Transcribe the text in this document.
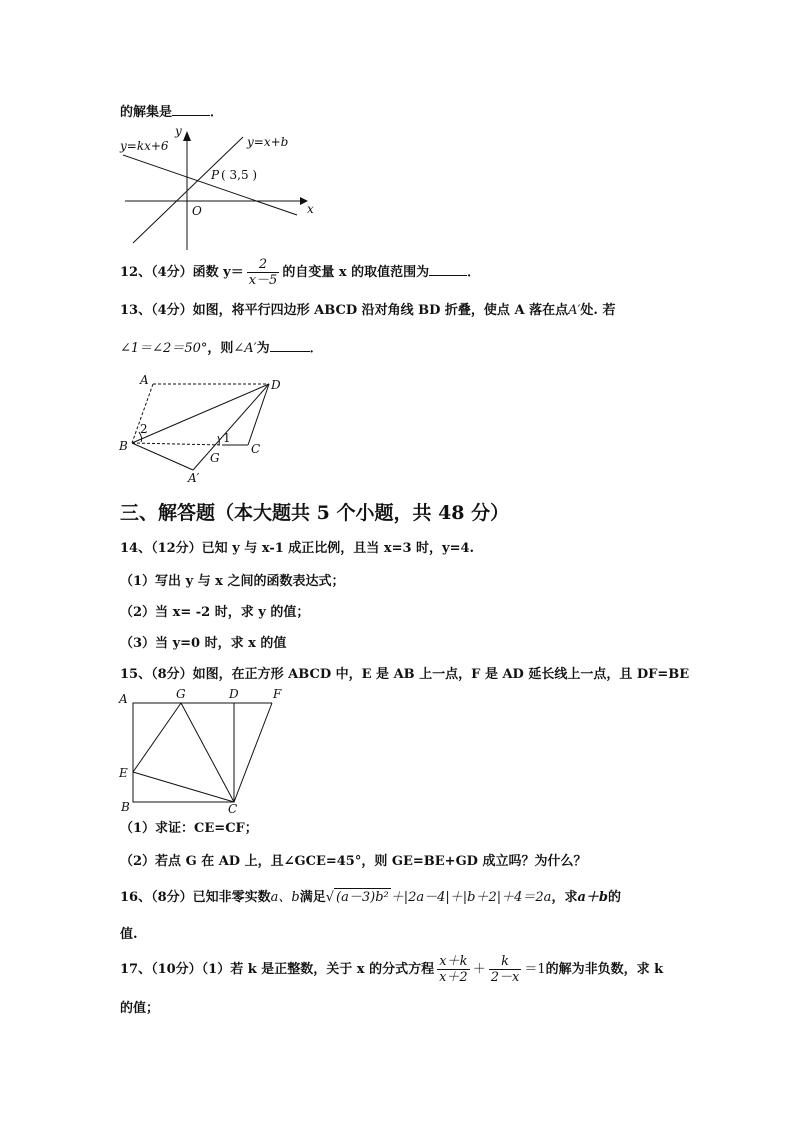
的解集是	．
y
x
O
y=kx+6	y=x+b
P ( 3,5 )
12、（4分）函数 $y= \frac{2}{x-5}$ 的自变量 x 的取值范围为	．
13、（4分）如图，将平行四边形 ABCD 沿对角线 BD 折叠，使点 A 落在点A′处. 若
∠1＝∠2＝50°，则∠A′为	．
A	D
B	C
G
A′
1
2
三、解答题（本大题共 5 个小题，共 48 分）
14、（12分）已知 y 与 x-1 成正比例，且当 x=3 时，y=4.
（1）写出 y 与 x 之间的函数表达式；
（2）当 x= -2 时，求 y 的值；
（3）当 y=0 时，求 x 的值
15、（8分）如图，在正方形 ABCD 中，E 是 AB 上一点，F 是 AD 延长线上一点，且 DF=BE
A	G	D	F
E
B	C
（1）求证：CE=CF；
（2）若点 G 在 AD 上，且∠GCE=45°，则 GE=BE+GD 成立吗？为什么？
16、（8分）已知非零实数a、b满足√ (a－3)b² ＋|2a－4|＋|b＋2|＋4＝2a，求a＋b的
值.
17、（10分）（1）若 k 是正整数，关于 x 的分式方程 $\frac{x+k}{x+2} + \frac{k}{2-x} =1$的解为非负数，求 k
的值；
